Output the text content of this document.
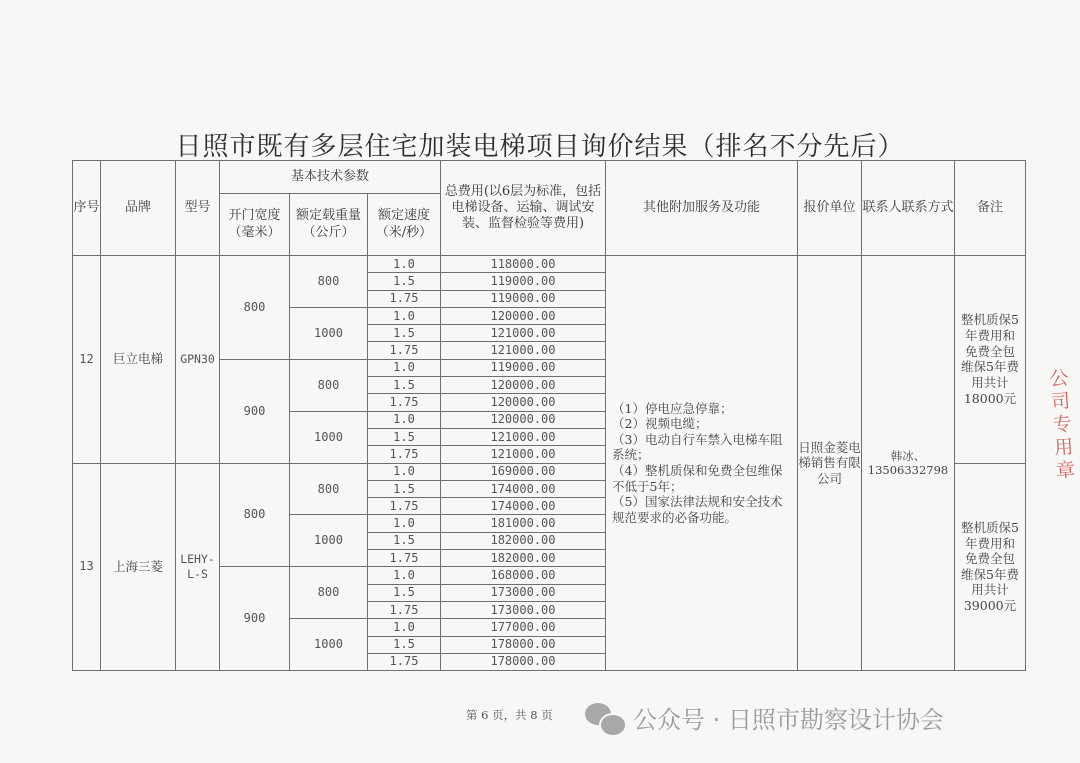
日照市既有多层住宅加装电梯项目询价结果（排名不分先后）
序号	品牌	型号	基本技术参数			总费用(以6层为标准，包括电梯设备、运输、调试安装、监督检验等费用)	其他附加服务及功能	报价单位	联系人联系方式	备注
			开门宽度（毫米）	额定载重量（公斤）	额定速度（米/秒）					
12	巨立电梯	GPN30	800	800	1.0	118000.00	（1）停电应急停靠；
（2）视频电缆；
（3）电动自行车禁入电梯车阻系统；
（4）整机质保和免费全包维保不低于5年；
（5）国家法律法规和安全技术规范要求的必备功能。	日照金菱电梯销售有限公司	韩冰、13506332798	整机质保5年费用和免费全包维保5年费用共计18000元
					1.5	119000.00				
					1.75	119000.00				
				1000	1.0	120000.00				
					1.5	121000.00				
					1.75	121000.00				
			900	800	1.0	119000.00				
					1.5	120000.00				
					1.75	120000.00				
				1000	1.0	120000.00				
					1.5	121000.00				
					1.75	121000.00				
13	上海三菱	LEHY-
L-S	800	800	1.0	169000.00				整机质保5年费用和免费全包维保5年费用共计39000元
					1.5	174000.00				
					1.75	174000.00				
				1000	1.0	181000.00				
					1.5	182000.00				
					1.75	182000.00				
			900	800	1.0	168000.00				
					1.5	173000.00				
					1.75	173000.00				
				1000	1.0	177000.00				
					1.5	178000.00				
					1.75	178000.00				
公司专用章
第 6 页，共 8 页	公众号 · 日照市勘察设计协会
